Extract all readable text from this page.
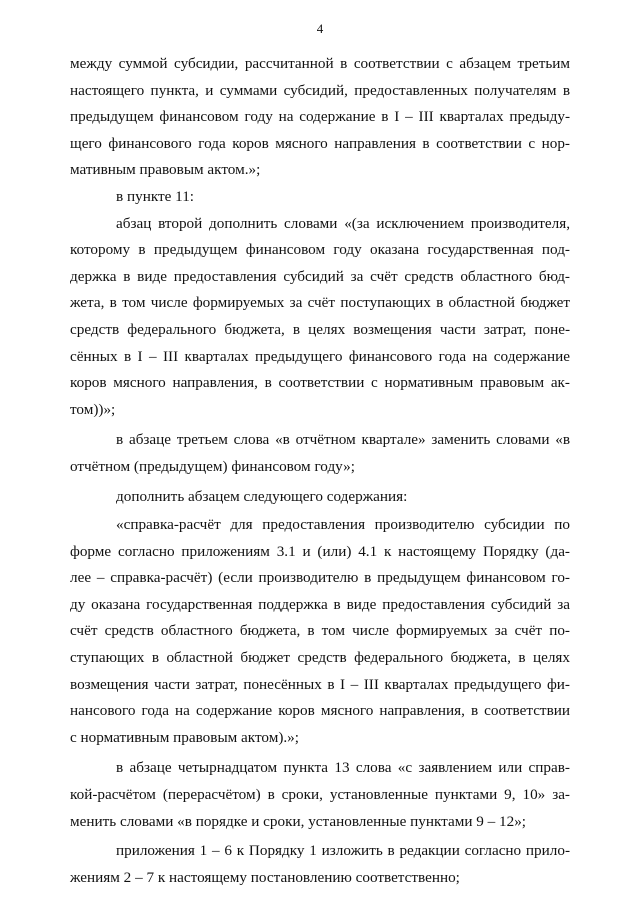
4
между суммой субсидии, рассчитанной в соответствии с абзацем третьим
настоящего пункта, и суммами субсидий, предоставленных получателям в
предыдущем финансовом году на содержание в I – III кварталах предыду-
щего финансового года коров мясного направления в соответствии с нор-
мативным правовым актом.»;
в пункте 11:
абзац второй дополнить словами «(за исключением производителя,
которому в предыдущем финансовом году оказана государственная под-
держка в виде предоставления субсидий за счёт средств областного бюд-
жета, в том числе формируемых за счёт поступающих в областной бюджет
средств федерального бюджета, в целях возмещения части затрат, поне-
сённых в I – III кварталах предыдущего финансового года на содержание
коров мясного направления, в соответствии с нормативным правовым ак-
том))»;
в абзаце третьем слова «в отчётном квартале» заменить словами «в
отчётном (предыдущем) финансовом году»;
дополнить абзацем следующего содержания:
«справка-расчёт для предоставления производителю субсидии по
форме согласно приложениям 3.1 и (или) 4.1 к настоящему Порядку (да-
лее – справка-расчёт) (если производителю в предыдущем финансовом го-
ду оказана государственная поддержка в виде предоставления субсидий за
счёт средств областного бюджета, в том числе формируемых за счёт по-
ступающих в областной бюджет средств федерального бюджета, в целях
возмещения части затрат, понесённых в I – III кварталах предыдущего фи-
нансового года на содержание коров мясного направления, в соответствии
с нормативным правовым актом).»;
в абзаце четырнадцатом пункта 13 слова «с заявлением или справ-
кой-расчётом (перерасчётом) в сроки, установленные пунктами 9, 10» за-
менить словами «в порядке и сроки, установленные пунктами 9 – 12»;
приложения 1 – 6 к Порядку 1 изложить в редакции согласно прило-
жениям 2 – 7 к настоящему постановлению соответственно;
